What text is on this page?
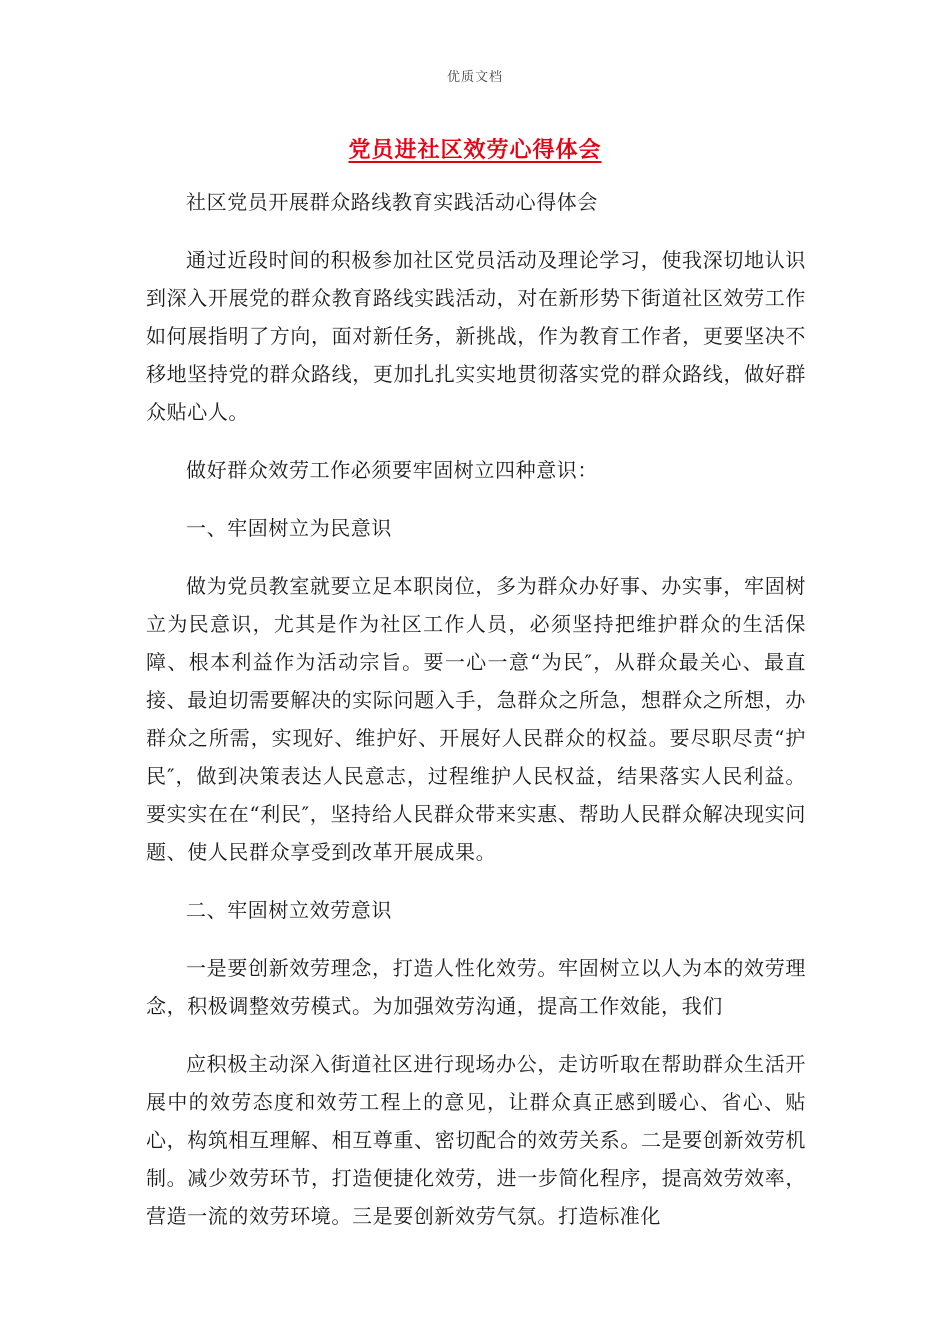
优质文档
党员进社区效劳心得体会

社区党员开展群众路线教育实践活动心得体会

通过近段时间的积极参加社区党员活动及理论学习，使我深切地认识到深入开展党的群众教育路线实践活动，对在新形势下街道社区效劳工作如何展指明了方向，面对新任务，新挑战，作为教育工作者，更要坚决不移地坚持党的群众路线，更加扎扎实实地贯彻落实党的群众路线，做好群众贴心人。

做好群众效劳工作必须要牢固树立四种意识：

一、牢固树立为民意识

做为党员教室就要立足本职岗位，多为群众办好事、办实事，牢固树立为民意识，尤其是作为社区工作人员，必须坚持把维护群众的生活保障、根本利益作为活动宗旨。要一心一意“为民″，从群众最关心、最直接、最迫切需要解决的实际问题入手，急群众之所急，想群众之所想，办群众之所需，实现好、维护好、开展好人民群众的权益。要尽职尽责“护民″，做到决策表达人民意志，过程维护人民权益，结果落实人民利益。要实实在在“利民″，坚持给人民群众带来实惠、帮助人民群众解决现实问题、使人民群众享受到改革开展成果。

二、牢固树立效劳意识

一是要创新效劳理念，打造人性化效劳。牢固树立以人为本的效劳理念，积极调整效劳模式。为加强效劳沟通，提高工作效能，我们

应积极主动深入街道社区进行现场办公，走访听取在帮助群众生活开展中的效劳态度和效劳工程上的意见，让群众真正感到暖心、省心、贴心，构筑相互理解、相互尊重、密切配合的效劳关系。二是要创新效劳机制。减少效劳环节，打造便捷化效劳，进一步简化程序，提高效劳效率，营造一流的效劳环境。三是要创新效劳气氛。打造标准化
